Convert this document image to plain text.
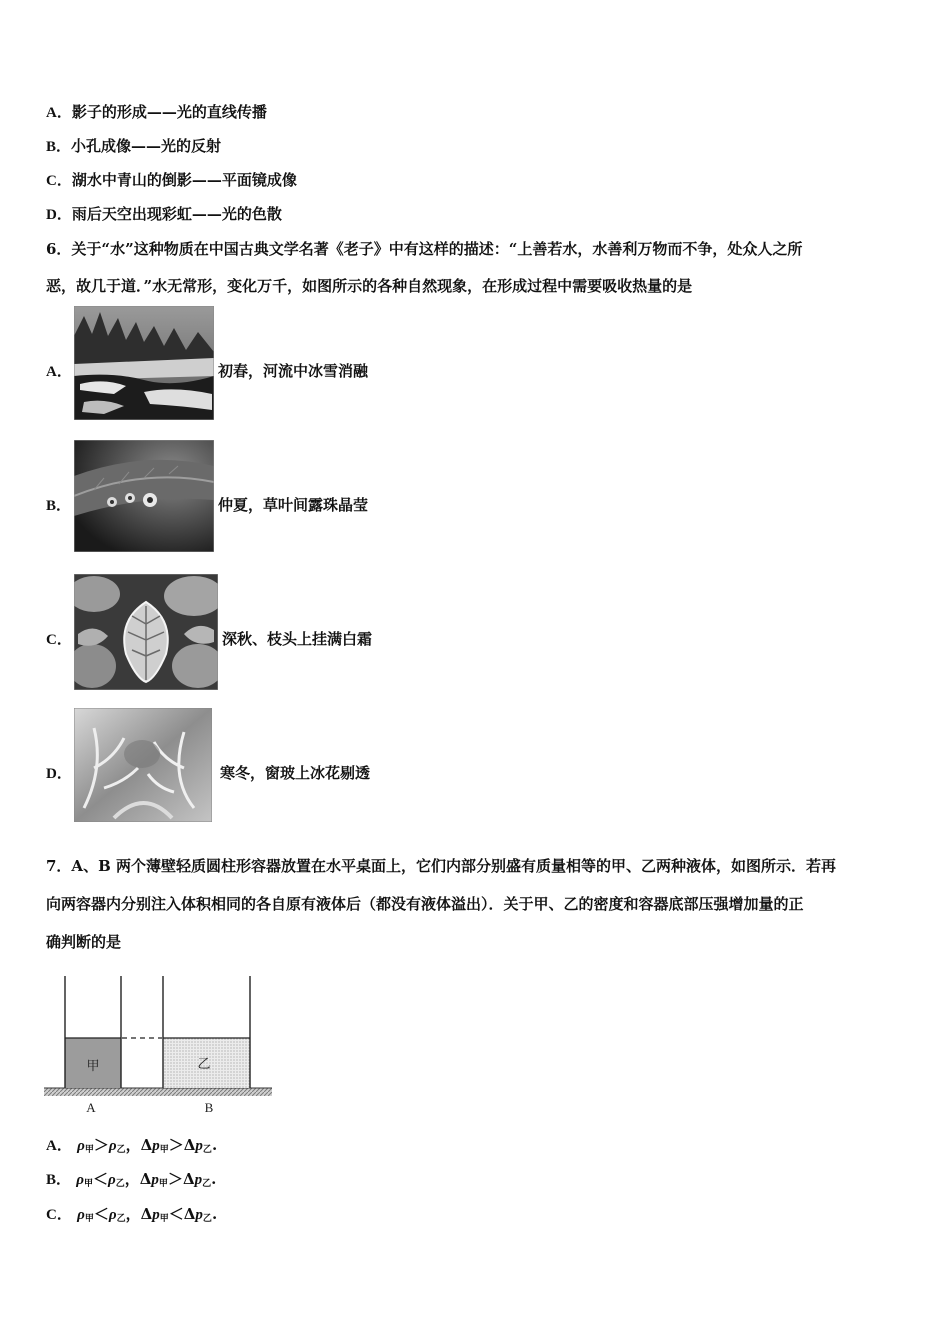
A．影子的形成——光的直线传播
B．小孔成像——光的反射
C．湖水中青山的倒影——平面镜成像
D．雨后天空出现彩虹——光的色散
6．关于“水”这种物质在中国古典文学名著《老子》中有这样的描述：“上善若水，水善利万物而不争，处众人之所
恶，故几于道．”水无常形，变化万千，如图所示的各种自然现象，在形成过程中需要吸收热量的是
A．	初春，河流中冰雪消融
B．	仲夏，草叶间露珠晶莹
C．	深秋、枝头上挂满白霜
D．	寒冬，窗玻上冰花剔透
7．A、B 两个薄壁轻质圆柱形容器放置在水平桌面上，它们内部分别盛有质量相等的甲、乙两种液体，如图所示．若再
向两容器内分别注入体积相同的各自原有液体后（都没有液体溢出）．关于甲、乙的密度和容器底部压强增加量的正
确判断的是
甲	乙
A	B
A． $\rho_甲>\rho_乙$，$\Delta p_甲>\Delta p_乙$.
B． $\rho_甲<\rho_乙$，$\Delta p_甲>\Delta p_乙$.
C． $\rho_甲<\rho_乙$，$\Delta p_甲<\Delta p_乙$.
